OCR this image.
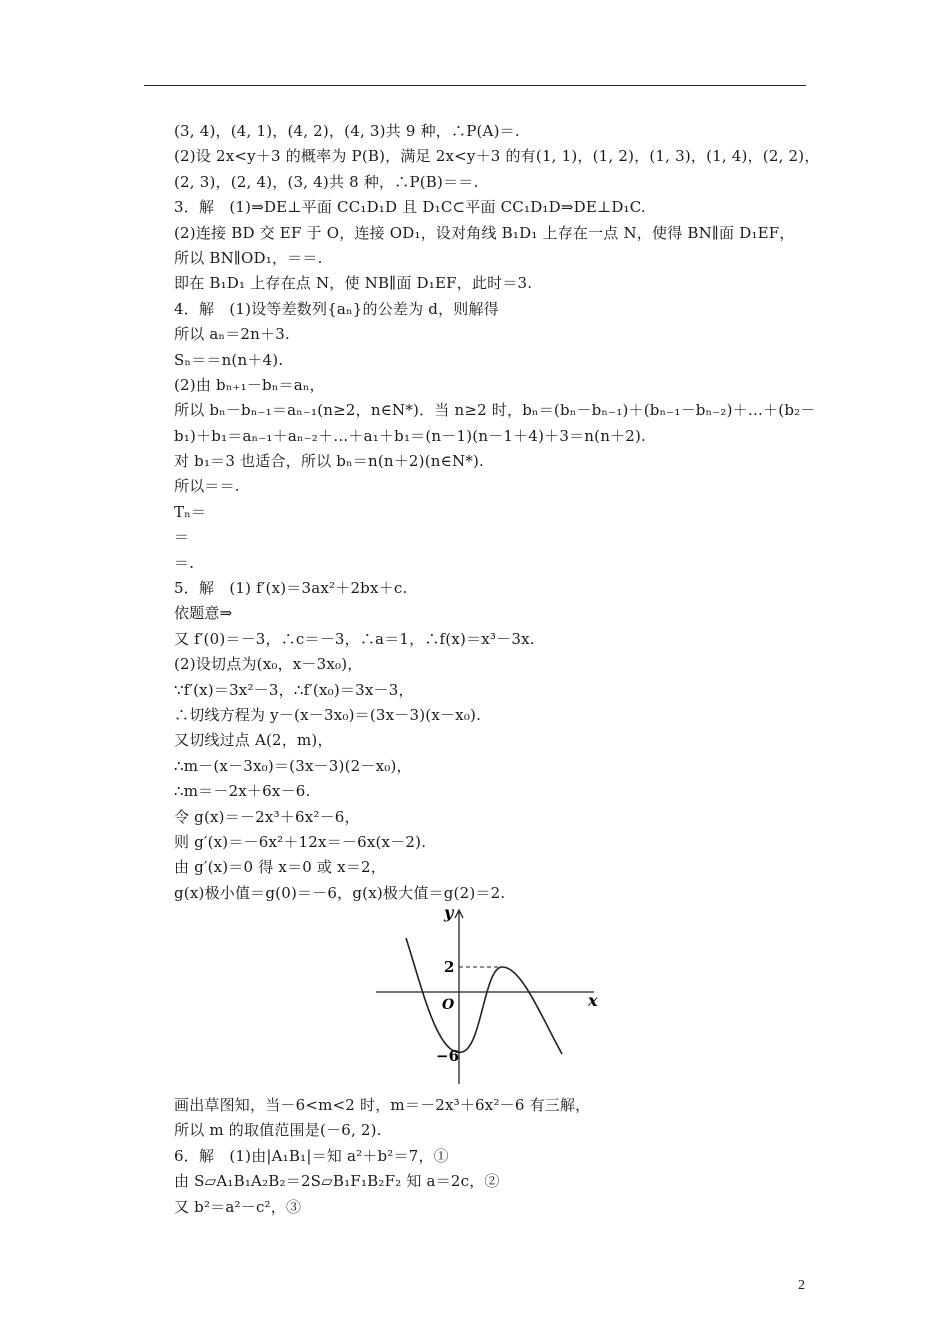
(3, 4)，(4, 1)，(4, 2)，(4, 3)共 9 种，∴P(A)＝.
(2)设 2x<y＋3 的概率为 P(B)，满足 2x<y＋3 的有(1, 1)，(1, 2)，(1, 3)，(1, 4)，(2, 2)，
(2, 3)，(2, 4)，(3, 4)共 8 种，∴P(B)＝＝.
3．解　(1)⇒DE⊥平面 CC₁D₁D 且 D₁C⊂平面 CC₁D₁D⇒DE⊥D₁C.
(2)连接 BD 交 EF 于 O，连接 OD₁，设对角线 B₁D₁ 上存在一点 N，使得 BN∥面 D₁EF，
所以 BN∥OD₁，＝＝.
即在 B₁D₁ 上存在点 N，使 NB∥面 D₁EF，此时＝3.
4．解　(1)设等差数列{aₙ}的公差为 d，则解得
所以 aₙ＝2n＋3.
Sₙ＝＝n(n＋4).
(2)由 bₙ₊₁－bₙ＝aₙ，
所以 bₙ－bₙ₋₁＝aₙ₋₁(n≥2，n∈N*)．当 n≥2 时，bₙ＝(bₙ－bₙ₋₁)＋(bₙ₋₁－bₙ₋₂)＋…＋(b₂－
b₁)＋b₁＝aₙ₋₁＋aₙ₋₂＋…＋a₁＋b₁＝(n－1)(n－1＋4)＋3＝n(n＋2).
对 b₁＝3 也适合，所以 bₙ＝n(n＋2)(n∈N*).
所以＝＝.
Tₙ＝
＝
＝.
5．解　(1) f′(x)＝3ax²＋2bx＋c.
依题意⇒
又 f′(0)＝－3，∴c＝－3，∴a＝1，∴f(x)＝x³－3x.
(2)设切点为(x₀，x－3x₀)，
∵f′(x)＝3x²－3，∴f′(x₀)＝3x－3，
∴切线方程为 y－(x－3x₀)＝(3x－3)(x－x₀).
又切线过点 A(2，m)，
∴m－(x－3x₀)＝(3x－3)(2－x₀)，
∴m＝－2x＋6x－6.
令 g(x)＝－2x³＋6x²－6，
则 g′(x)＝－6x²＋12x＝－6x(x－2).
由 g′(x)＝0 得 x＝0 或 x＝2，
g(x)极小值＝g(0)＝－6，g(x)极大值＝g(2)＝2.
y
x
O
2
−6
画出草图知，当－6<m<2 时，m＝－2x³＋6x²－6 有三解，
所以 m 的取值范围是(－6, 2).
6．解　(1)由|A₁B₁|＝知 a²＋b²＝7，①
由 S▱A₁B₁A₂B₂＝2S▱B₁F₁B₂F₂ 知 a＝2c，②
又 b²＝a²－c²，③
2
